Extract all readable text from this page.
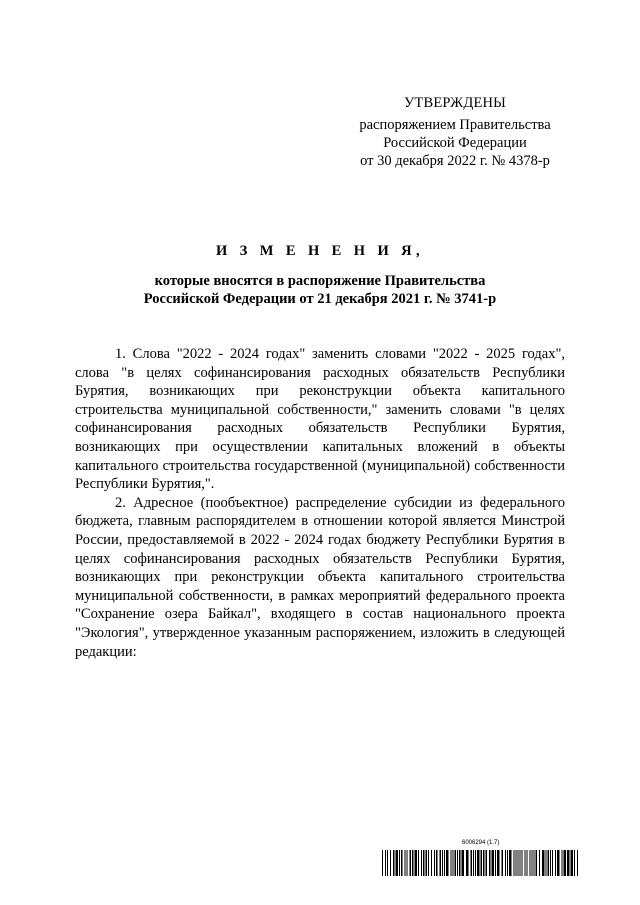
УТВЕРЖДЕНЫ
распоряжением Правительства
Российской Федерации
от 30 декабря 2022 г. № 4378-р
И З М Е Н Е Н И Я,
которые вносятся в распоряжение Правительства
Российской Федерации от 21 декабря 2021 г. № 3741-р

1. Слова "2022 - 2024 годах" заменить словами "2022 - 2025 годах", слова "в целях софинансирования расходных обязательств Республики Бурятия, возникающих при реконструкции объекта капитального строительства муниципальной собственности," заменить словами "в целях софинансирования расходных обязательств Республики Бурятия, возникающих при осуществлении капитальных вложений в объекты капитального строительства государственной (муниципальной) собственности Республики Бурятия,".

2. Адресное (пообъектное) распределение субсидии из федерального бюджета, главным распорядителем в отношении которой является Минстрой России, предоставляемой в 2022 - 2024 годах бюджету Республики Бурятия в целях софинансирования расходных обязательств Республики Бурятия, возникающих при реконструкции объекта капитального строительства муниципальной собственности, в рамках мероприятий федерального проекта "Сохранение озера Байкал", входящего в состав национального проекта "Экология", утвержденное указанным распоряжением, изложить в следующей редакции:

6006294 (1.7)
